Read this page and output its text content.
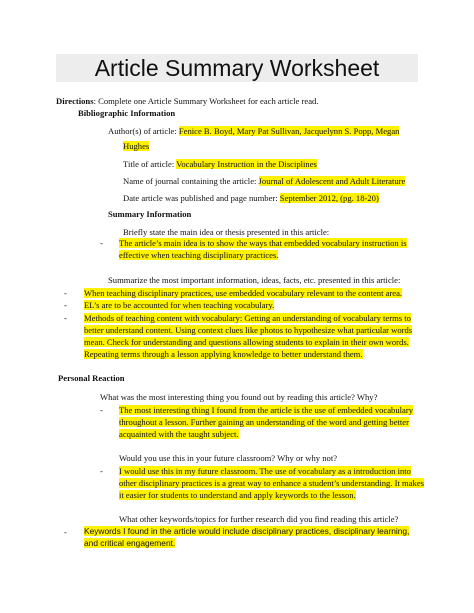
Article Summary Worksheet
Directions: Complete one Article Summary Worksheet for each article read.
Bibliographic Information
Author(s) of article: Fenice B. Boyd, Mary Pat Sullivan, Jacquelynn S. Popp, Megan
Hughes
Title of article: Vocabulary Instruction in the Disciplines
Name of journal containing the article: Journal of Adolescent and Adult Literature
Date article was published and page number: September 2012, (pg. 18-20)
Summary Information
Briefly state the main idea or thesis presented in this article:
- The article’s main idea is to show the ways that embedded vocabulary instruction is
effective when teaching disciplinary practices.
Summarize the most important information, ideas, facts, etc. presented in this article:
- When teaching disciplinary practices, use embedded vocabulary relevant to the content area.
- EL’s are to be accounted for when teaching vocabulary.
- Methods of teaching content with vocabulary: Getting an understanding of vocabulary terms to
better understand content. Using context clues like photos to hypothesize what particular words
mean. Check for understanding and questions allowing students to explain in their own words.
Repeating terms through a lesson applying knowledge to better understand them.
Personal Reaction
What was the most interesting thing you found out by reading this article? Why?
- The most interesting thing I found from the article is the use of embedded vocabulary
throughout a lesson. Further gaining an understanding of the word and getting better
acquainted with the taught subject.
Would you use this in your future classroom? Why or why not?
- I would use this in my future classroom. The use of vocabulary as a introduction into
other disciplinary practices is a great way to enhance a student’s understanding. It makes
it easier for students to understand and apply keywords to the lesson.
What other keywords/topics for further research did you find reading this article?
- Keywords I found in the article would include disciplinary practices, disciplinary learning,
and critical engagement.
